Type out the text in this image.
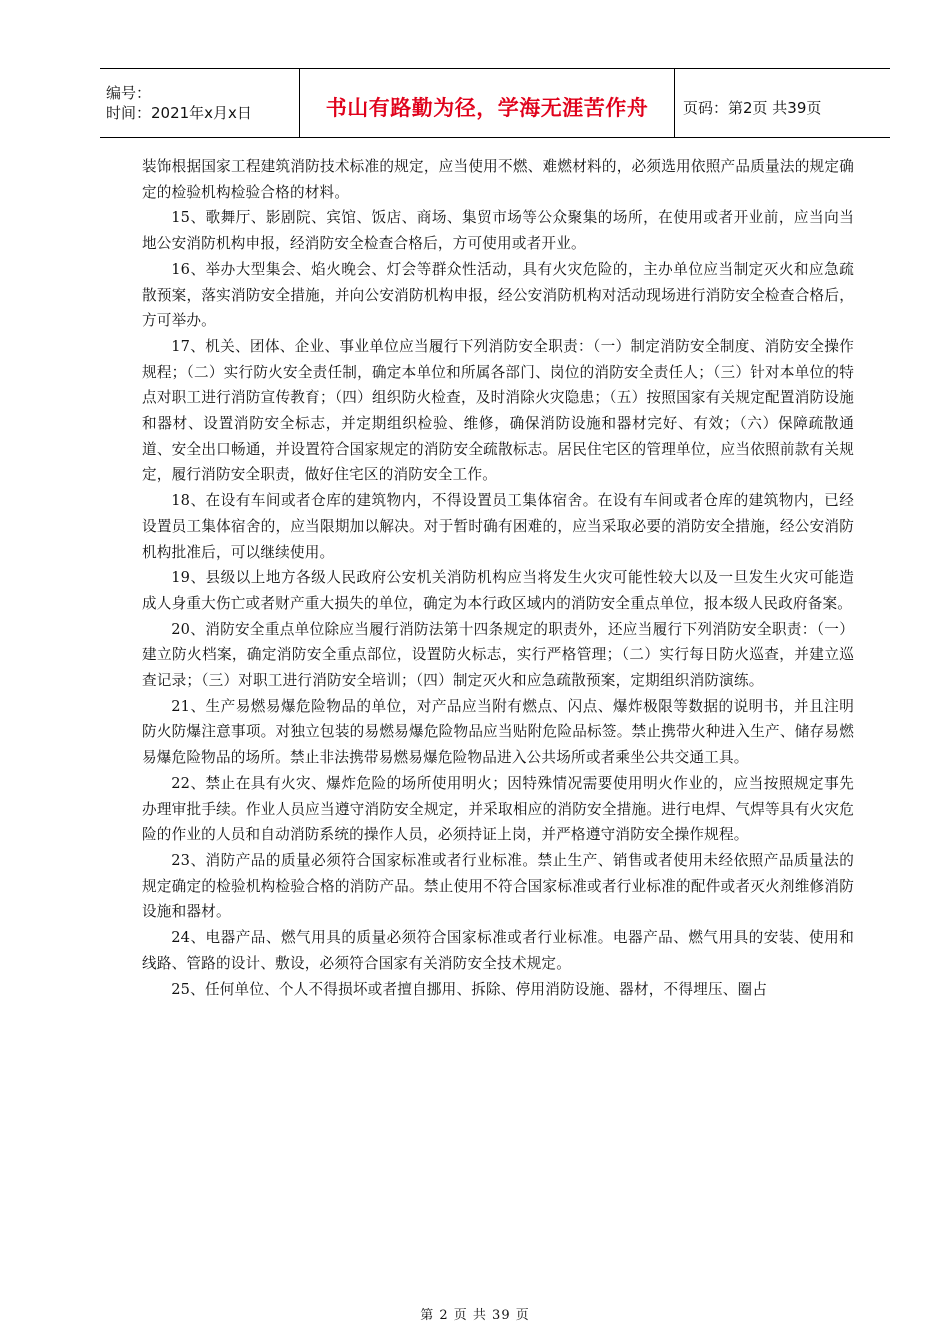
编号：
时间：2021年x月x日	书山有路勤为径，学海无涯苦作舟	页码：第2页 共39页

装饰根据国家工程建筑消防技术标准的规定，应当使用不燃、难燃材料的，必须选用依照产品质量法的规定确定的检验机构检验合格的材料。

15、歌舞厅、影剧院、宾馆、饭店、商场、集贸市场等公众聚集的场所，在使用或者开业前，应当向当地公安消防机构申报，经消防安全检查合格后，方可使用或者开业。

16、举办大型集会、焰火晚会、灯会等群众性活动，具有火灾危险的，主办单位应当制定灭火和应急疏散预案，落实消防安全措施，并向公安消防机构申报，经公安消防机构对活动现场进行消防安全检查合格后，方可举办。

17、机关、团体、企业、事业单位应当履行下列消防安全职责：（一）制定消防安全制度、消防安全操作规程；（二）实行防火安全责任制，确定本单位和所属各部门、岗位的消防安全责任人；（三）针对本单位的特点对职工进行消防宣传教育；（四）组织防火检查，及时消除火灾隐患；（五）按照国家有关规定配置消防设施和器材、设置消防安全标志，并定期组织检验、维修，确保消防设施和器材完好、有效；（六）保障疏散通道、安全出口畅通，并设置符合国家规定的消防安全疏散标志。居民住宅区的管理单位，应当依照前款有关规定，履行消防安全职责，做好住宅区的消防安全工作。

18、在设有车间或者仓库的建筑物内，不得设置员工集体宿舍。在设有车间或者仓库的建筑物内，已经设置员工集体宿舍的，应当限期加以解决。对于暂时确有困难的，应当采取必要的消防安全措施，经公安消防机构批准后，可以继续使用。

19、县级以上地方各级人民政府公安机关消防机构应当将发生火灾可能性较大以及一旦发生火灾可能造成人身重大伤亡或者财产重大损失的单位，确定为本行政区域内的消防安全重点单位，报本级人民政府备案。

20、消防安全重点单位除应当履行消防法第十四条规定的职责外，还应当履行下列消防安全职责：（一）建立防火档案，确定消防安全重点部位，设置防火标志，实行严格管理；（二）实行每日防火巡查，并建立巡查记录；（三）对职工进行消防安全培训；（四）制定灭火和应急疏散预案，定期组织消防演练。

21、生产易燃易爆危险物品的单位，对产品应当附有燃点、闪点、爆炸极限等数据的说明书，并且注明防火防爆注意事项。对独立包装的易燃易爆危险物品应当贴附危险品标签。禁止携带火种进入生产、储存易燃易爆危险物品的场所。禁止非法携带易燃易爆危险物品进入公共场所或者乘坐公共交通工具。

22、禁止在具有火灾、爆炸危险的场所使用明火；因特殊情况需要使用明火作业的，应当按照规定事先办理审批手续。作业人员应当遵守消防安全规定，并采取相应的消防安全措施。进行电焊、气焊等具有火灾危险的作业的人员和自动消防系统的操作人员，必须持证上岗，并严格遵守消防安全操作规程。

23、消防产品的质量必须符合国家标准或者行业标准。禁止生产、销售或者使用未经依照产品质量法的规定确定的检验机构检验合格的消防产品。禁止使用不符合国家标准或者行业标准的配件或者灭火剂维修消防设施和器材。

24、电器产品、燃气用具的质量必须符合国家标准或者行业标准。电器产品、燃气用具的安装、使用和线路、管路的设计、敷设，必须符合国家有关消防安全技术规定。

25、任何单位、个人不得损坏或者擅自挪用、拆除、停用消防设施、器材，不得埋压、圈占

第 2 页 共 39 页
